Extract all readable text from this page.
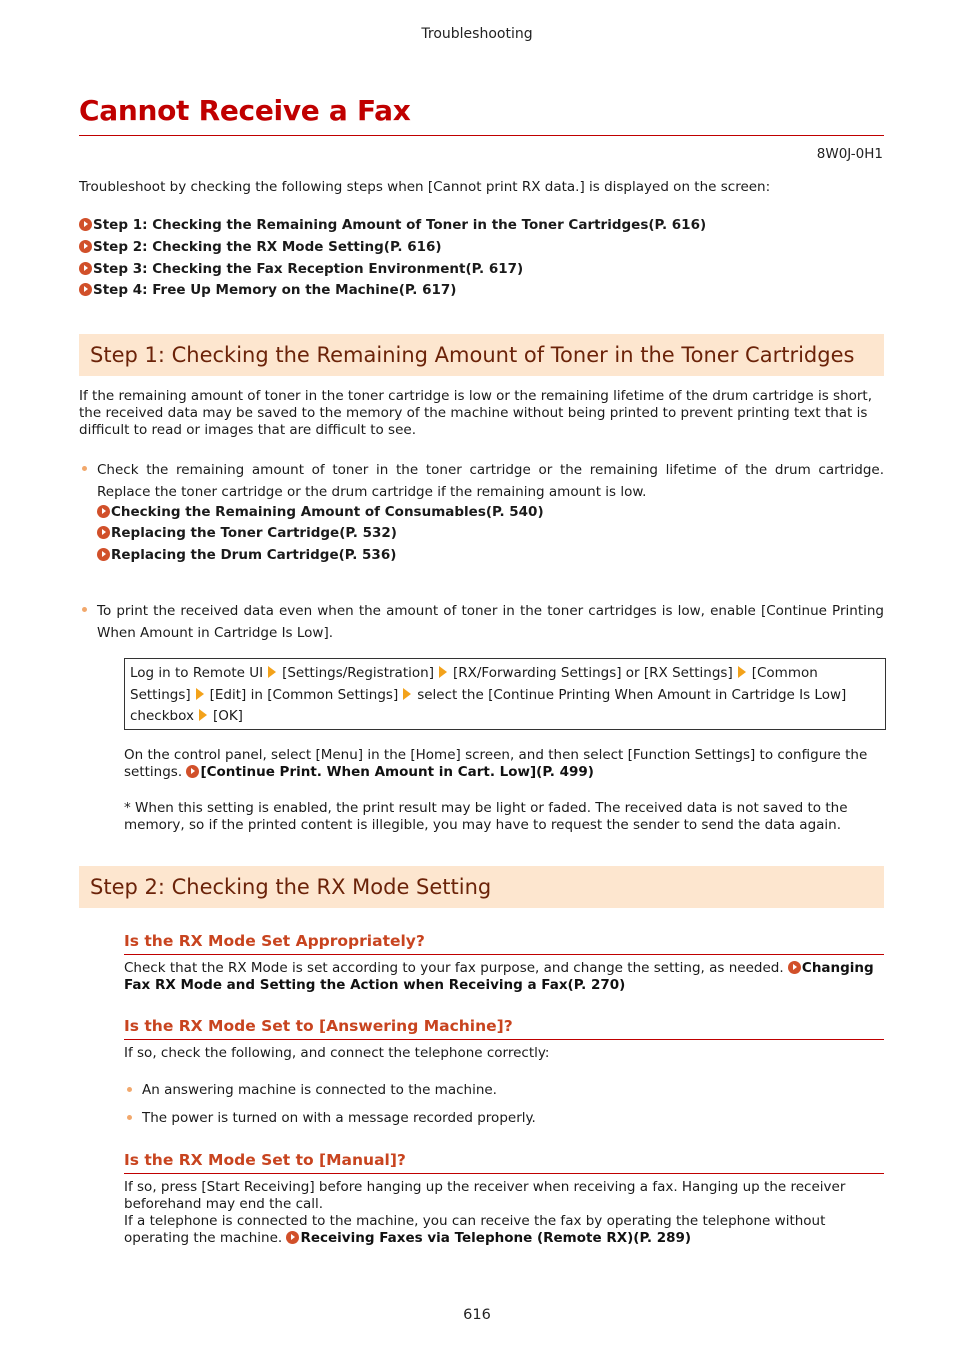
Troubleshooting
Cannot Receive a Fax
8W0J-0H1
Troubleshoot by checking the following steps when [Cannot print RX data.] is displayed on the screen:
Step 1: Checking the Remaining Amount of Toner in the Toner Cartridges(P. 616)
Step 2: Checking the RX Mode Setting(P. 616)
Step 3: Checking the Fax Reception Environment(P. 617)
Step 4: Free Up Memory on the Machine(P. 617)
Step 1: Checking the Remaining Amount of Toner in the Toner Cartridges
If the remaining amount of toner in the toner cartridge is low or the remaining lifetime of the drum cartridge is short, the received data may be saved to the memory of the machine without being printed to prevent printing text that is difficult to read or images that are difficult to see.
Check the remaining amount of toner in the toner cartridge or the remaining lifetime of the drum cartridge. Replace the toner cartridge or the drum cartridge if the remaining amount is low.
Checking the Remaining Amount of Consumables(P. 540)
Replacing the Toner Cartridge(P. 532)
Replacing the Drum Cartridge(P. 536)
To print the received data even when the amount of toner in the toner cartridges is low, enable [Continue Printing When Amount in Cartridge Is Low].
Log in to Remote UI [Settings/Registration] [RX/Forwarding Settings] or [RX Settings] [Common Settings] [Edit] in [Common Settings] select the [Continue Printing When Amount in Cartridge Is Low] checkbox [OK]
On the control panel, select [Menu] in the [Home] screen, and then select [Function Settings] to configure the settings. [Continue Print. When Amount in Cart. Low](P. 499)
* When this setting is enabled, the print result may be light or faded. The received data is not saved to the memory, so if the printed content is illegible, you may have to request the sender to send the data again.
Step 2: Checking the RX Mode Setting
Is the RX Mode Set Appropriately?
Check that the RX Mode is set according to your fax purpose, and change the setting, as needed. Changing Fax RX Mode and Setting the Action when Receiving a Fax(P. 270)
Is the RX Mode Set to [Answering Machine]?
If so, check the following, and connect the telephone correctly:
An answering machine is connected to the machine.
The power is turned on with a message recorded properly.
Is the RX Mode Set to [Manual]?
If so, press [Start Receiving] before hanging up the receiver when receiving a fax. Hanging up the receiver beforehand may end the call.
If a telephone is connected to the machine, you can receive the fax by operating the telephone without operating the machine. Receiving Faxes via Telephone (Remote RX)(P. 289)
616
